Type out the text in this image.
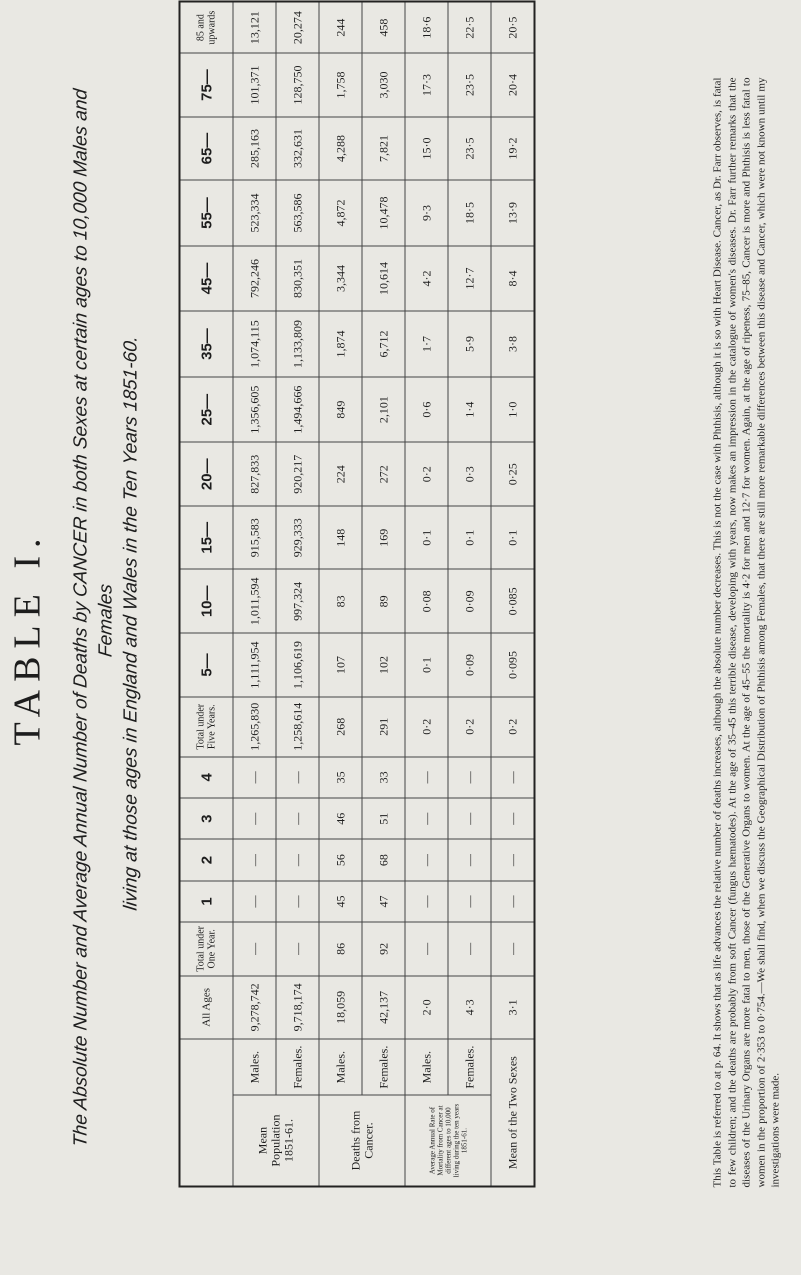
TABLE I. The Absolute Number and Average Annual Number of Deaths by CANCER in both Sexes at certain ages to 10,000 Males and Females living at those ages in England and Wales in the Ten Years 1851-60.
		All Ages	Total under One Year.	1	2	3	4	Total under Five Years.	5—	10—	15—	20—	25—	35—	45—	55—	65—	75—	85 and upwards
Mean Population 1851-61.	Males.	9,278,742	—	—	—	—	—	1,265,830	1,111,954	1,011,594	915,583	827,833	1,356,605	1,074,115	792,246	523,334	285,163	101,371	13,121
	Females.	9,718,174	—	—	—	—	—	1,258,614	1,106,619	997,324	929,333	920,217	1,494,666	1,133,809	830,351	563,586	332,631	128,750	20,274
Deaths from Cancer.	Males.	18,059	86	45	56	46	35	268	107	83	148	224	849	1,874	3,344	4,872	4,288	1,758	244
	Females.	42,137	92	47	68	51	33	291	102	89	169	272	2,101	6,712	10,614	10,478	7,821	3,030	458
Average Annual Rate of Mortality from Cancer at different ages to 10,000 living during the ten years 1851-61.	Males.	2·0	—	—	—	—	—	0·2	0·1	0·08	0·1	0·2	0·6	1·7	4·2	9·3	15·0	17·3	18·6
	Females.	4·3	—	—	—	—	—	0·2	0·09	0·09	0·1	0·3	1·4	5·9	12·7	18·5	23·5	23·5	22·5
Mean of the Two Sexes		3·1	—	—	—	—	—	0·2	0·095	0·085	0·1	0·25	1·0	3·8	8·4	13·9	19·2	20·4	20·5
This Table is referred to at p. 64. It shows that as life advances the relative number of deaths increases, although the absolute number decreases. This is not the case with Phthisis, although it is so with Heart Disease. Cancer, as Dr. Farr observes, is fatal to few children; and the deaths are probably from soft Cancer (fungus hæmatodes). At the age of 35–45 this terrible disease, developing with years, now makes an impression in the catalogue of women's diseases. Dr. Farr further remarks that the diseases of the Urinary Organs are more fatal to men, those of the Generative Organs to women. At the age of 45–55 the mortality is 4·2 for men and 12·7 for women. Again, at the age of ripeness, 75–85, Cancer is more and Phthisis is less fatal to women in the proportion of 2·353 to 0·754.—We shall find, when we discuss the Geographical Distribution of Phthisis among Females, that there are still more remarkable differences between this disease and Cancer, which were not known until my investigations were made.
